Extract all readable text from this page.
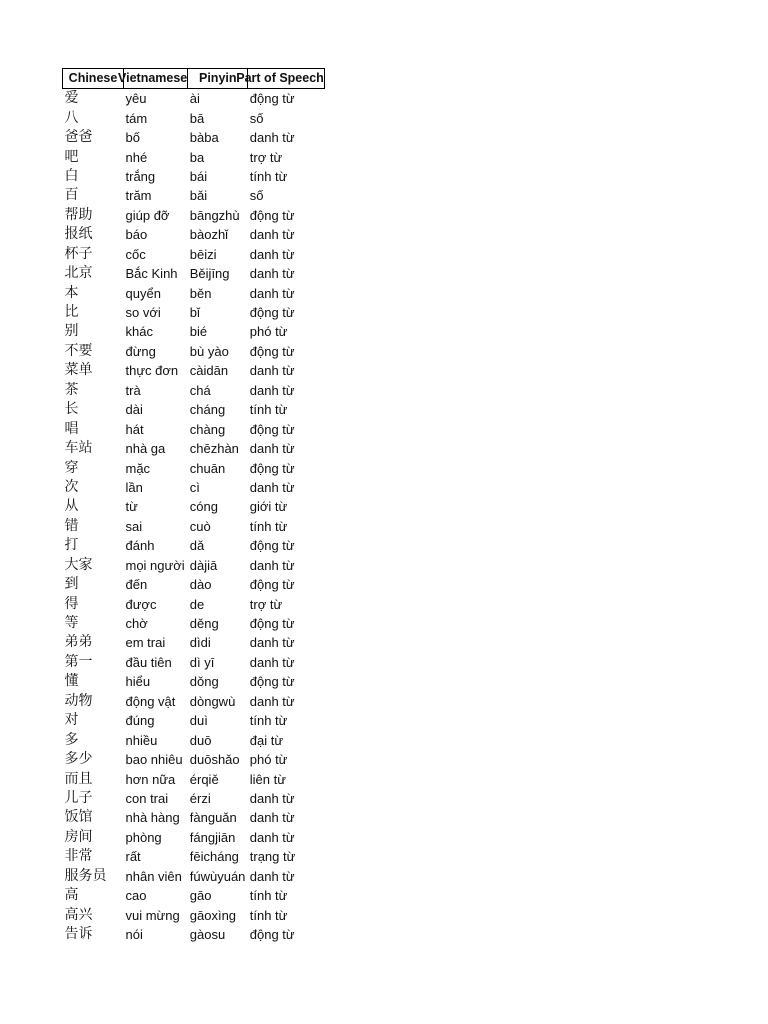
Chinese	Vietnamese	Pinyin	Part of Speech
爱	yêu	ài	động từ
八	tám	bā	số
爸爸	bố	bàba	danh từ
吧	nhé	ba	trợ từ
白	trắng	bái	tính từ
百	trăm	bǎi	số
帮助	giúp đỡ	bāngzhù	động từ
报纸	báo	bàozhǐ	danh từ
杯子	cốc	bēizi	danh từ
北京	Bắc Kinh	Běijīng	danh từ
本	quyển	běn	danh từ
比	so với	bǐ	động từ
别	khác	bié	phó từ
不要	đừng	bù yào	động từ
菜单	thực đơn	càidān	danh từ
茶	trà	chá	danh từ
长	dài	cháng	tính từ
唱	hát	chàng	động từ
车站	nhà ga	chēzhàn	danh từ
穿	mặc	chuān	động từ
次	lần	cì	danh từ
从	từ	cóng	giới từ
错	sai	cuò	tính từ
打	đánh	dǎ	động từ
大家	mọi người	dàjiā	danh từ
到	đến	dào	động từ
得	được	de	trợ từ
等	chờ	děng	động từ
弟弟	em trai	dìdi	danh từ
第一	đầu tiên	dì yī	danh từ
懂	hiểu	dǒng	động từ
动物	động vật	dòngwù	danh từ
对	đúng	duì	tính từ
多	nhiều	duō	đại từ
多少	bao nhiêu	duōshǎo	phó từ
而且	hơn nữa	érqiě	liên từ
儿子	con trai	érzi	danh từ
饭馆	nhà hàng	fànguǎn	danh từ
房间	phòng	fángjiān	danh từ
非常	rất	fēicháng	trạng từ
服务员	nhân viên	fúwùyuán	danh từ
高	cao	gāo	tính từ
高兴	vui mừng	gāoxìng	tính từ
告诉	nói	gàosu	động từ
